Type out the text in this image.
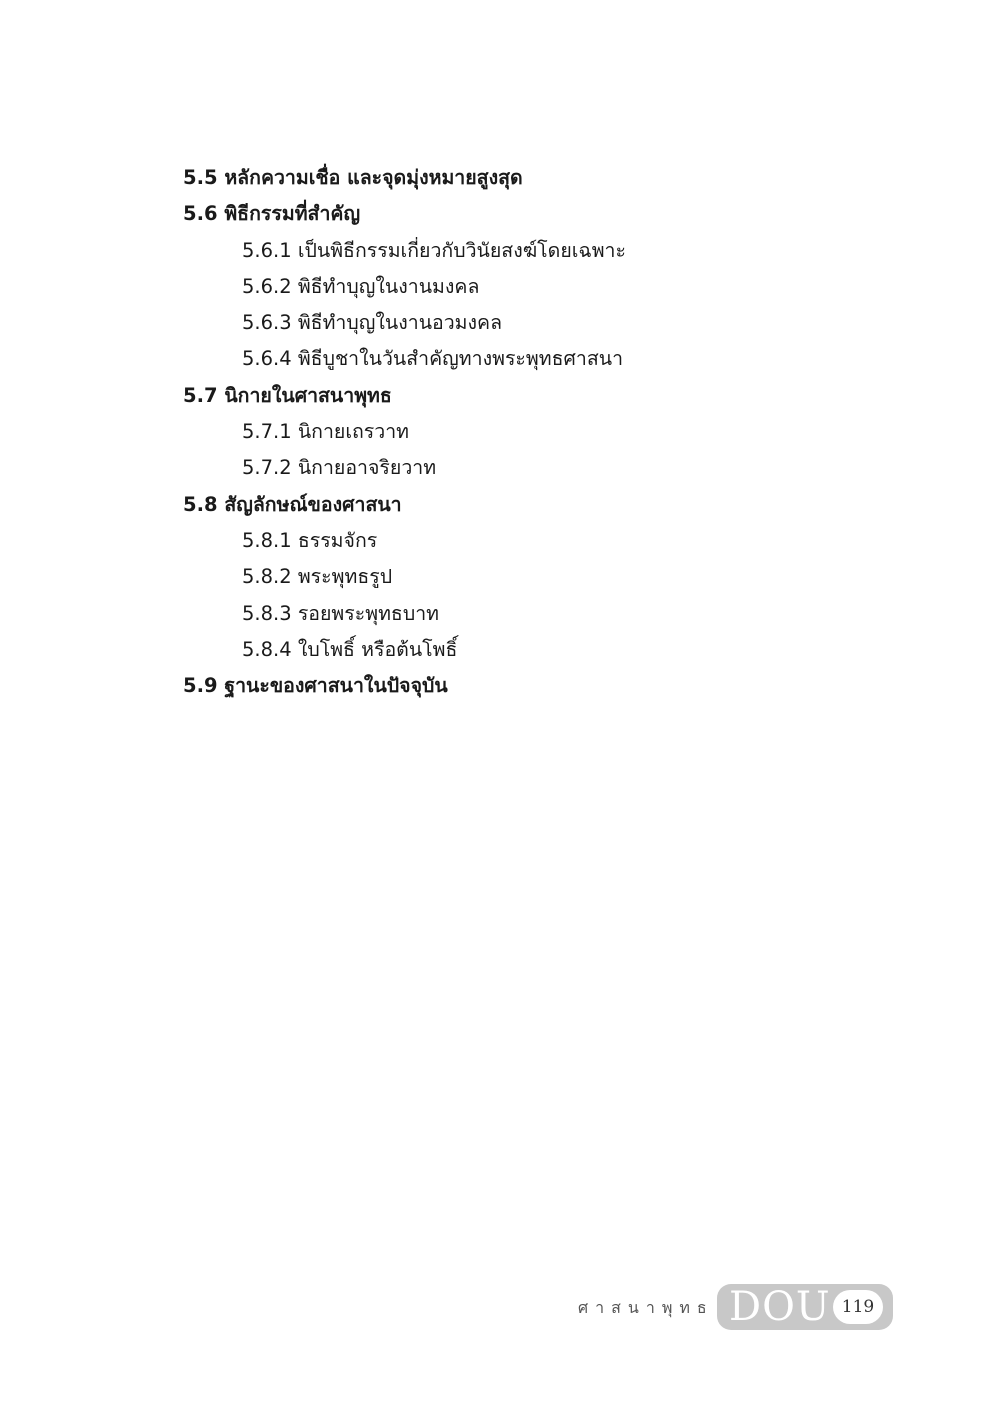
5.5 หลักความเชื่อ และจุดมุ่งหมายสูงสุด
5.6 พิธีกรรมที่สำคัญ
5.6.1 เป็นพิธีกรรมเกี่ยวกับวินัยสงฆ์โดยเฉพาะ
5.6.2 พิธีทำบุญในงานมงคล
5.6.3 พิธีทำบุญในงานอวมงคล
5.6.4 พิธีบูชาในวันสำคัญทางพระพุทธศาสนา
5.7 นิกายในศาสนาพุทธ
5.7.1 นิกายเถรวาท
5.7.2 นิกายอาจริยวาท
5.8 สัญลักษณ์ของศาสนา
5.8.1 ธรรมจักร
5.8.2 พระพุทธรูป
5.8.3 รอยพระพุทธบาท
5.8.4 ใบโพธิ์ หรือต้นโพธิ์
5.9 ฐานะของศาสนาในปัจจุบัน
ศาสนาพุทธ DOU 119
